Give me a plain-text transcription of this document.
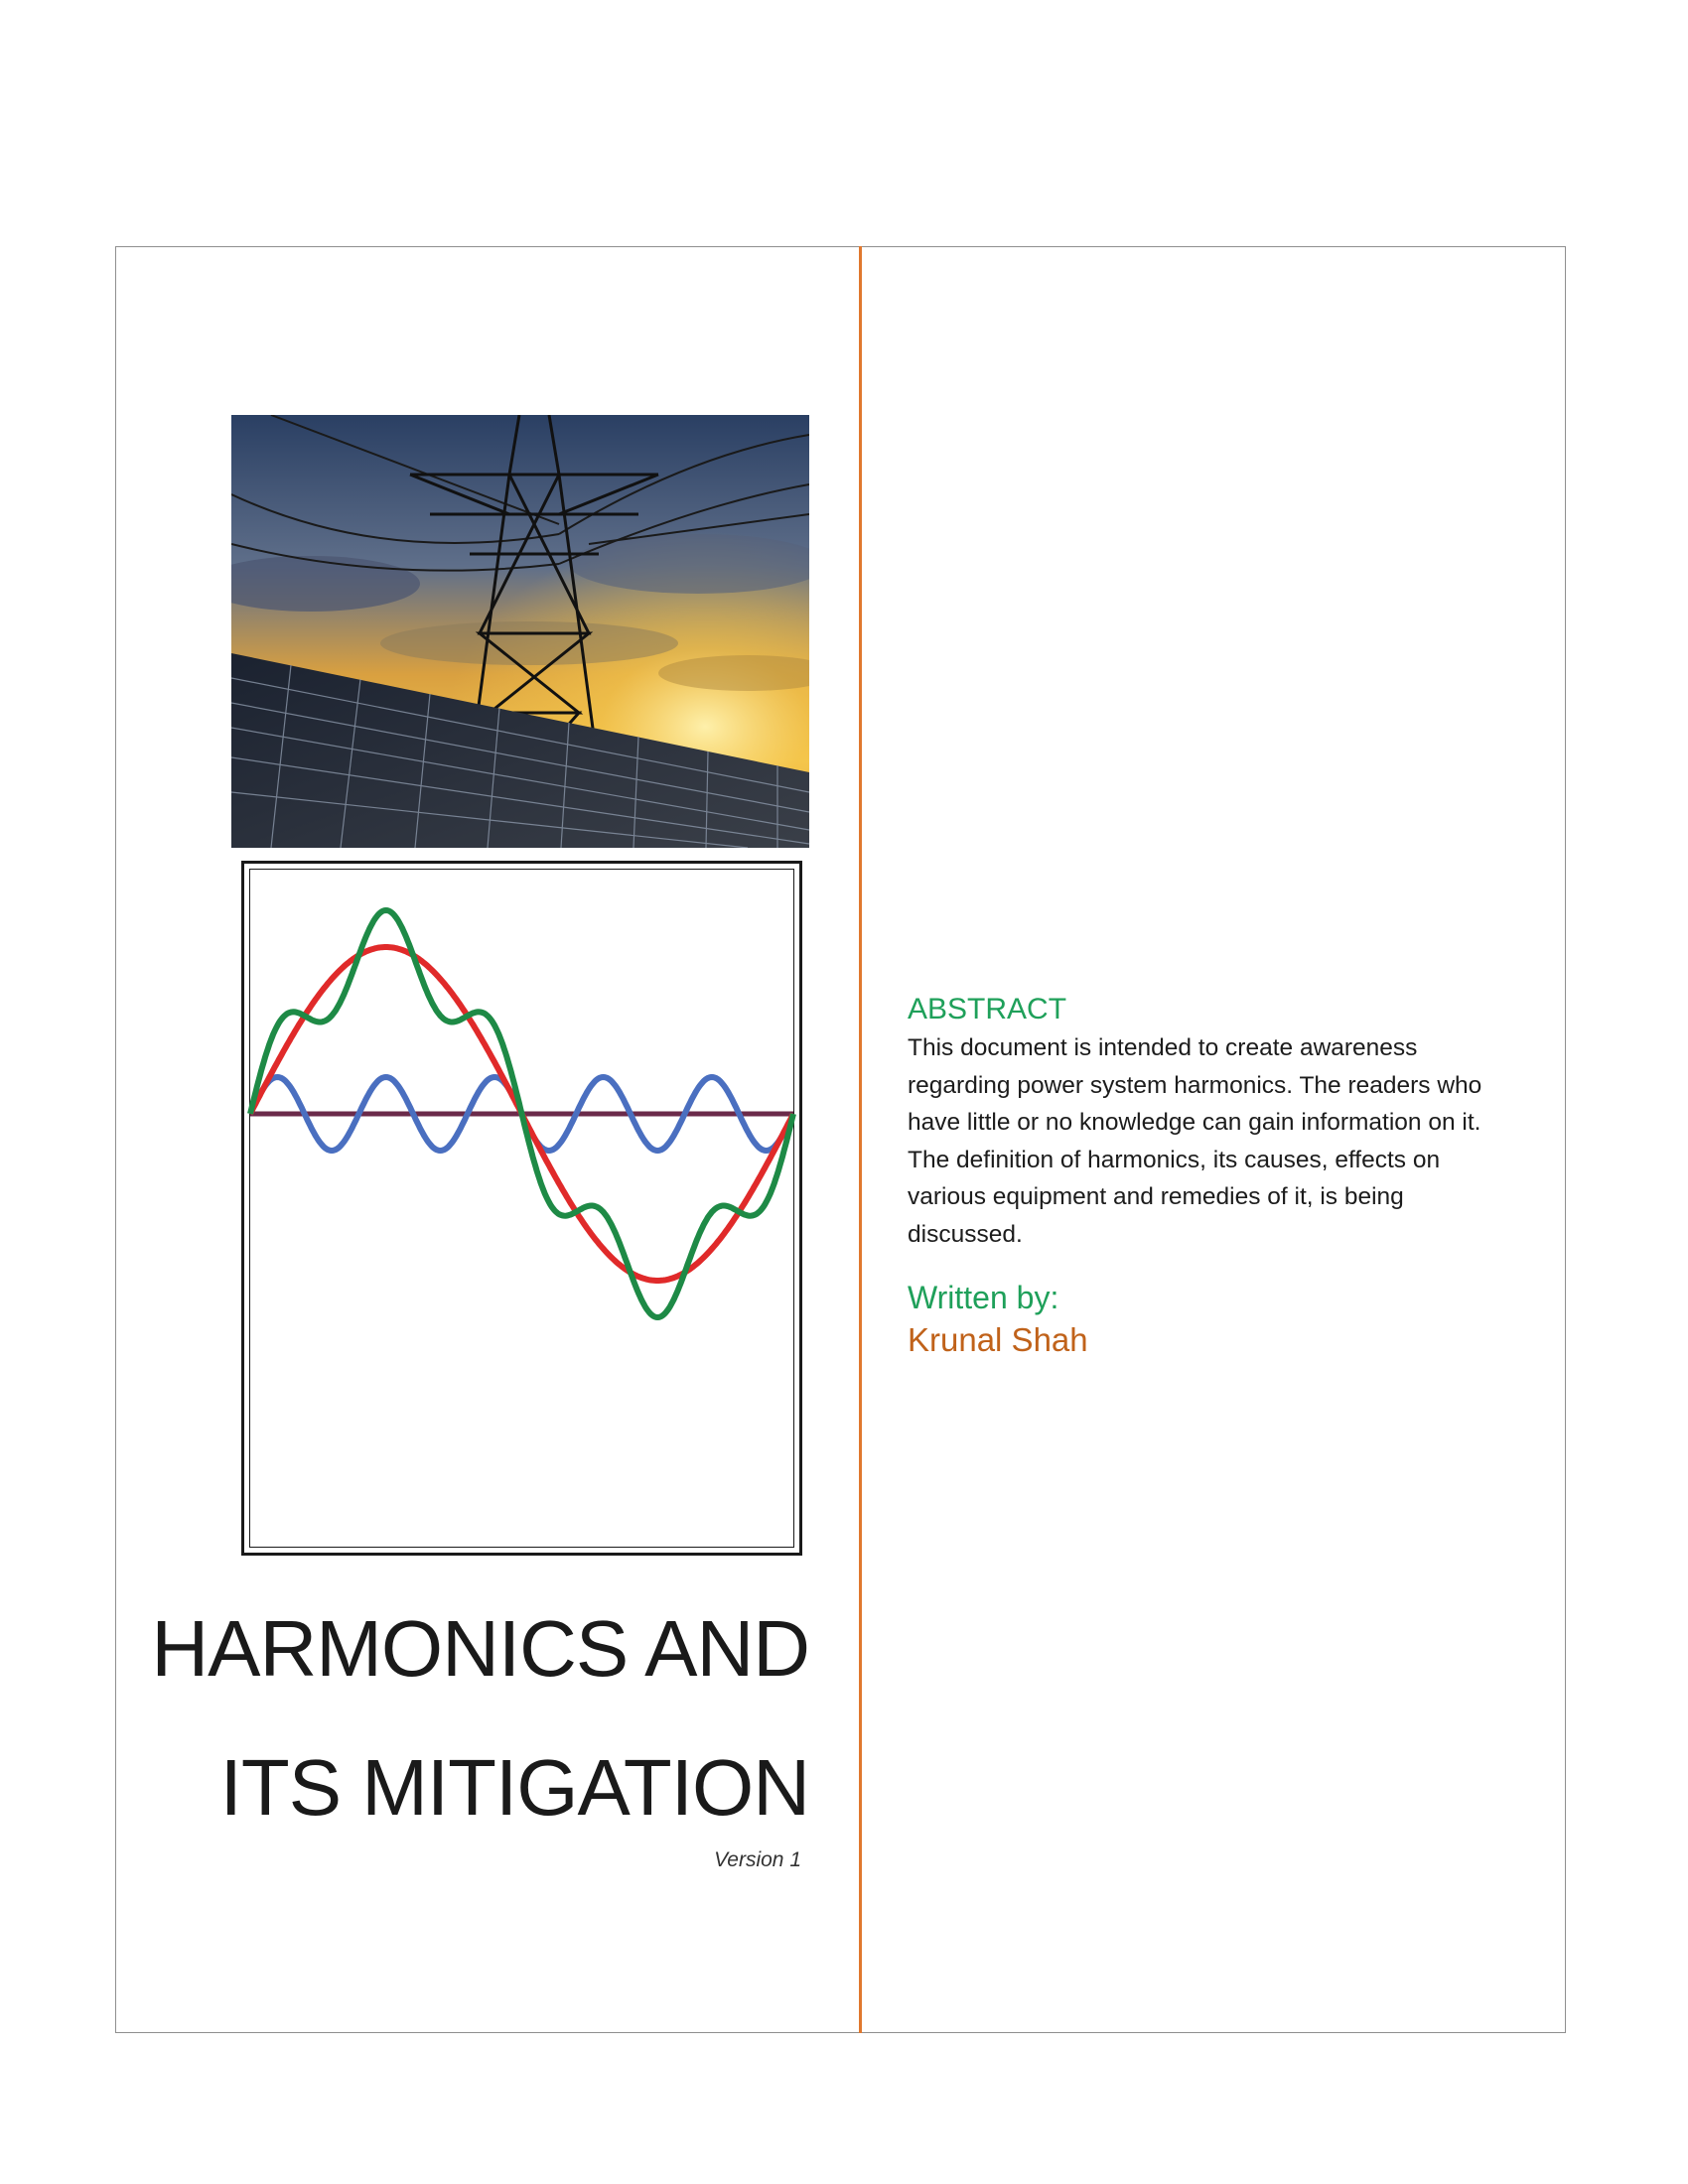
HARMONICS AND
ITS MITIGATION
Version 1
ABSTRACT
This document is intended to create awareness regarding power system harmonics. The readers who have little or no knowledge can gain information on it. The definition of harmonics, its causes, effects on various equipment and remedies of it, is being discussed.
Written by:
Krunal Shah
